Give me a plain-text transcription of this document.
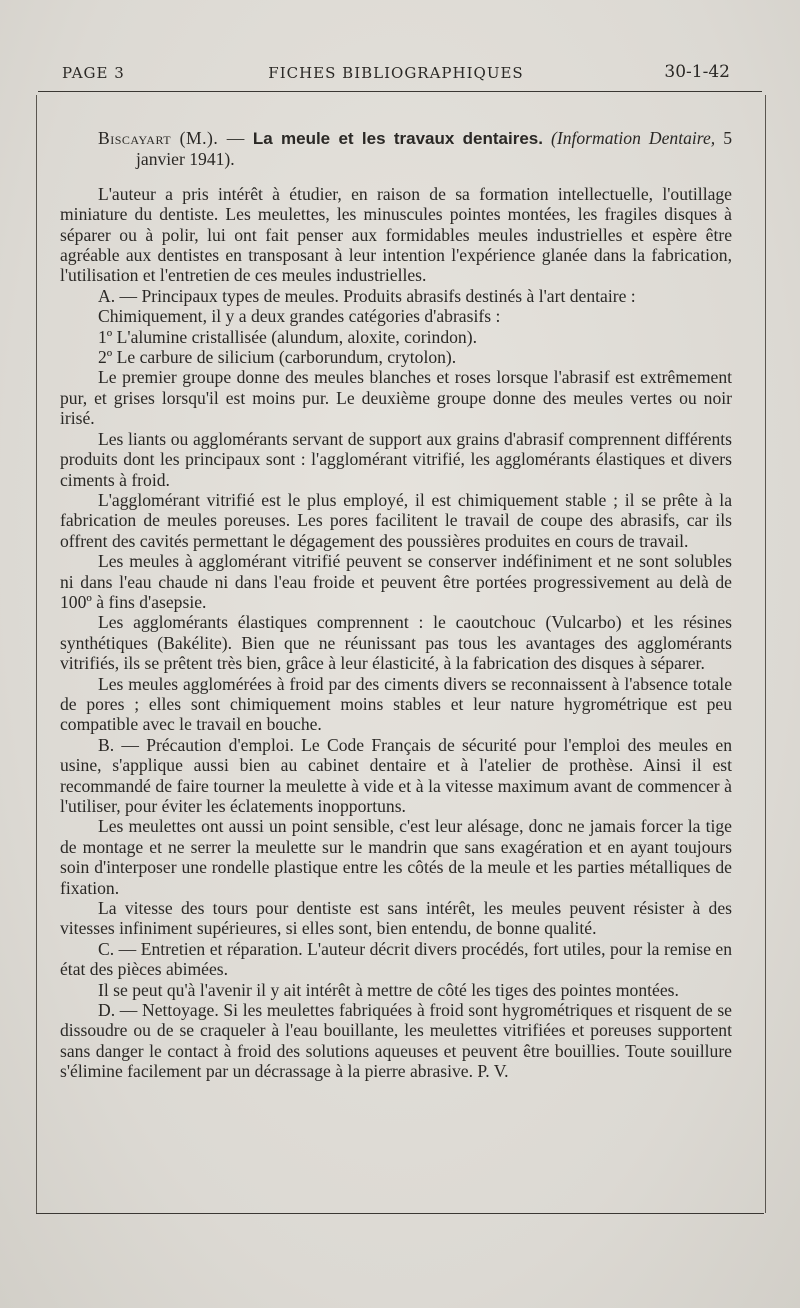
PAGE 3	FICHES BIBLIOGRAPHIQUES	30-1-42

Biscayart (M.). — La meule et les travaux dentaires. (Information Dentaire, 5 janvier 1941).

L'auteur a pris intérêt à étudier, en raison de sa formation intellectuelle, l'outillage miniature du dentiste. Les meulettes, les minuscules pointes montées, les fragiles disques à séparer ou à polir, lui ont fait penser aux formidables meules industrielles et espère être agréable aux dentistes en transposant à leur intention l'expérience glanée dans la fabrication, l'utilisation et l'entretien de ces meules industrielles.

A. — Principaux types de meules. Produits abrasifs destinés à l'art dentaire :

Chimiquement, il y a deux grandes catégories d'abrasifs :

1º L'alumine cristallisée (alundum, aloxite, corindon).

2º Le carbure de silicium (carborundum, crytolon).

Le premier groupe donne des meules blanches et roses lorsque l'abrasif est extrêmement pur, et grises lorsqu'il est moins pur. Le deuxième groupe donne des meules vertes ou noir irisé.

Les liants ou agglomérants servant de support aux grains d'abrasif comprennent différents produits dont les principaux sont : l'agglomérant vitrifié, les agglomérants élastiques et divers ciments à froid.

L'agglomérant vitrifié est le plus employé, il est chimiquement stable ; il se prête à la fabrication de meules poreuses. Les pores facilitent le travail de coupe des abrasifs, car ils offrent des cavités permettant le dégagement des poussières produites en cours de travail.

Les meules à agglomérant vitrifié peuvent se conserver indéfiniment et ne sont solubles ni dans l'eau chaude ni dans l'eau froide et peuvent être portées progressivement au delà de 100º à fins d'asepsie.

Les agglomérants élastiques comprennent : le caoutchouc (Vulcarbo) et les résines synthétiques (Bakélite). Bien que ne réunissant pas tous les avantages des agglomérants vitrifiés, ils se prêtent très bien, grâce à leur élasticité, à la fabrication des disques à séparer.

Les meules agglomérées à froid par des ciments divers se reconnaissent à l'absence totale de pores ; elles sont chimiquement moins stables et leur nature hygrométrique est peu compatible avec le travail en bouche.

B. — Précaution d'emploi. Le Code Français de sécurité pour l'emploi des meules en usine, s'applique aussi bien au cabinet dentaire et à l'atelier de prothèse. Ainsi il est recommandé de faire tourner la meulette à vide et à la vitesse maximum avant de commencer à l'utiliser, pour éviter les éclatements inopportuns.

Les meulettes ont aussi un point sensible, c'est leur alésage, donc ne jamais forcer la tige de montage et ne serrer la meulette sur le mandrin que sans exagération et en ayant toujours soin d'interposer une rondelle plastique entre les côtés de la meule et les parties métalliques de fixation.

La vitesse des tours pour dentiste est sans intérêt, les meules peuvent résister à des vitesses infiniment supérieures, si elles sont, bien entendu, de bonne qualité.

C. — Entretien et réparation. L'auteur décrit divers procédés, fort utiles, pour la remise en état des pièces abimées.

Il se peut qu'à l'avenir il y ait intérêt à mettre de côté les tiges des pointes montées.

D. — Nettoyage. Si les meulettes fabriquées à froid sont hygrométriques et risquent de se dissoudre ou de se craqueler à l'eau bouillante, les meulettes vitrifiées et poreuses supportent sans danger le contact à froid des solutions aqueuses et peuvent être bouillies. Toute souillure s'élimine facilement par un décrassage à la pierre abrasive. P. V.
